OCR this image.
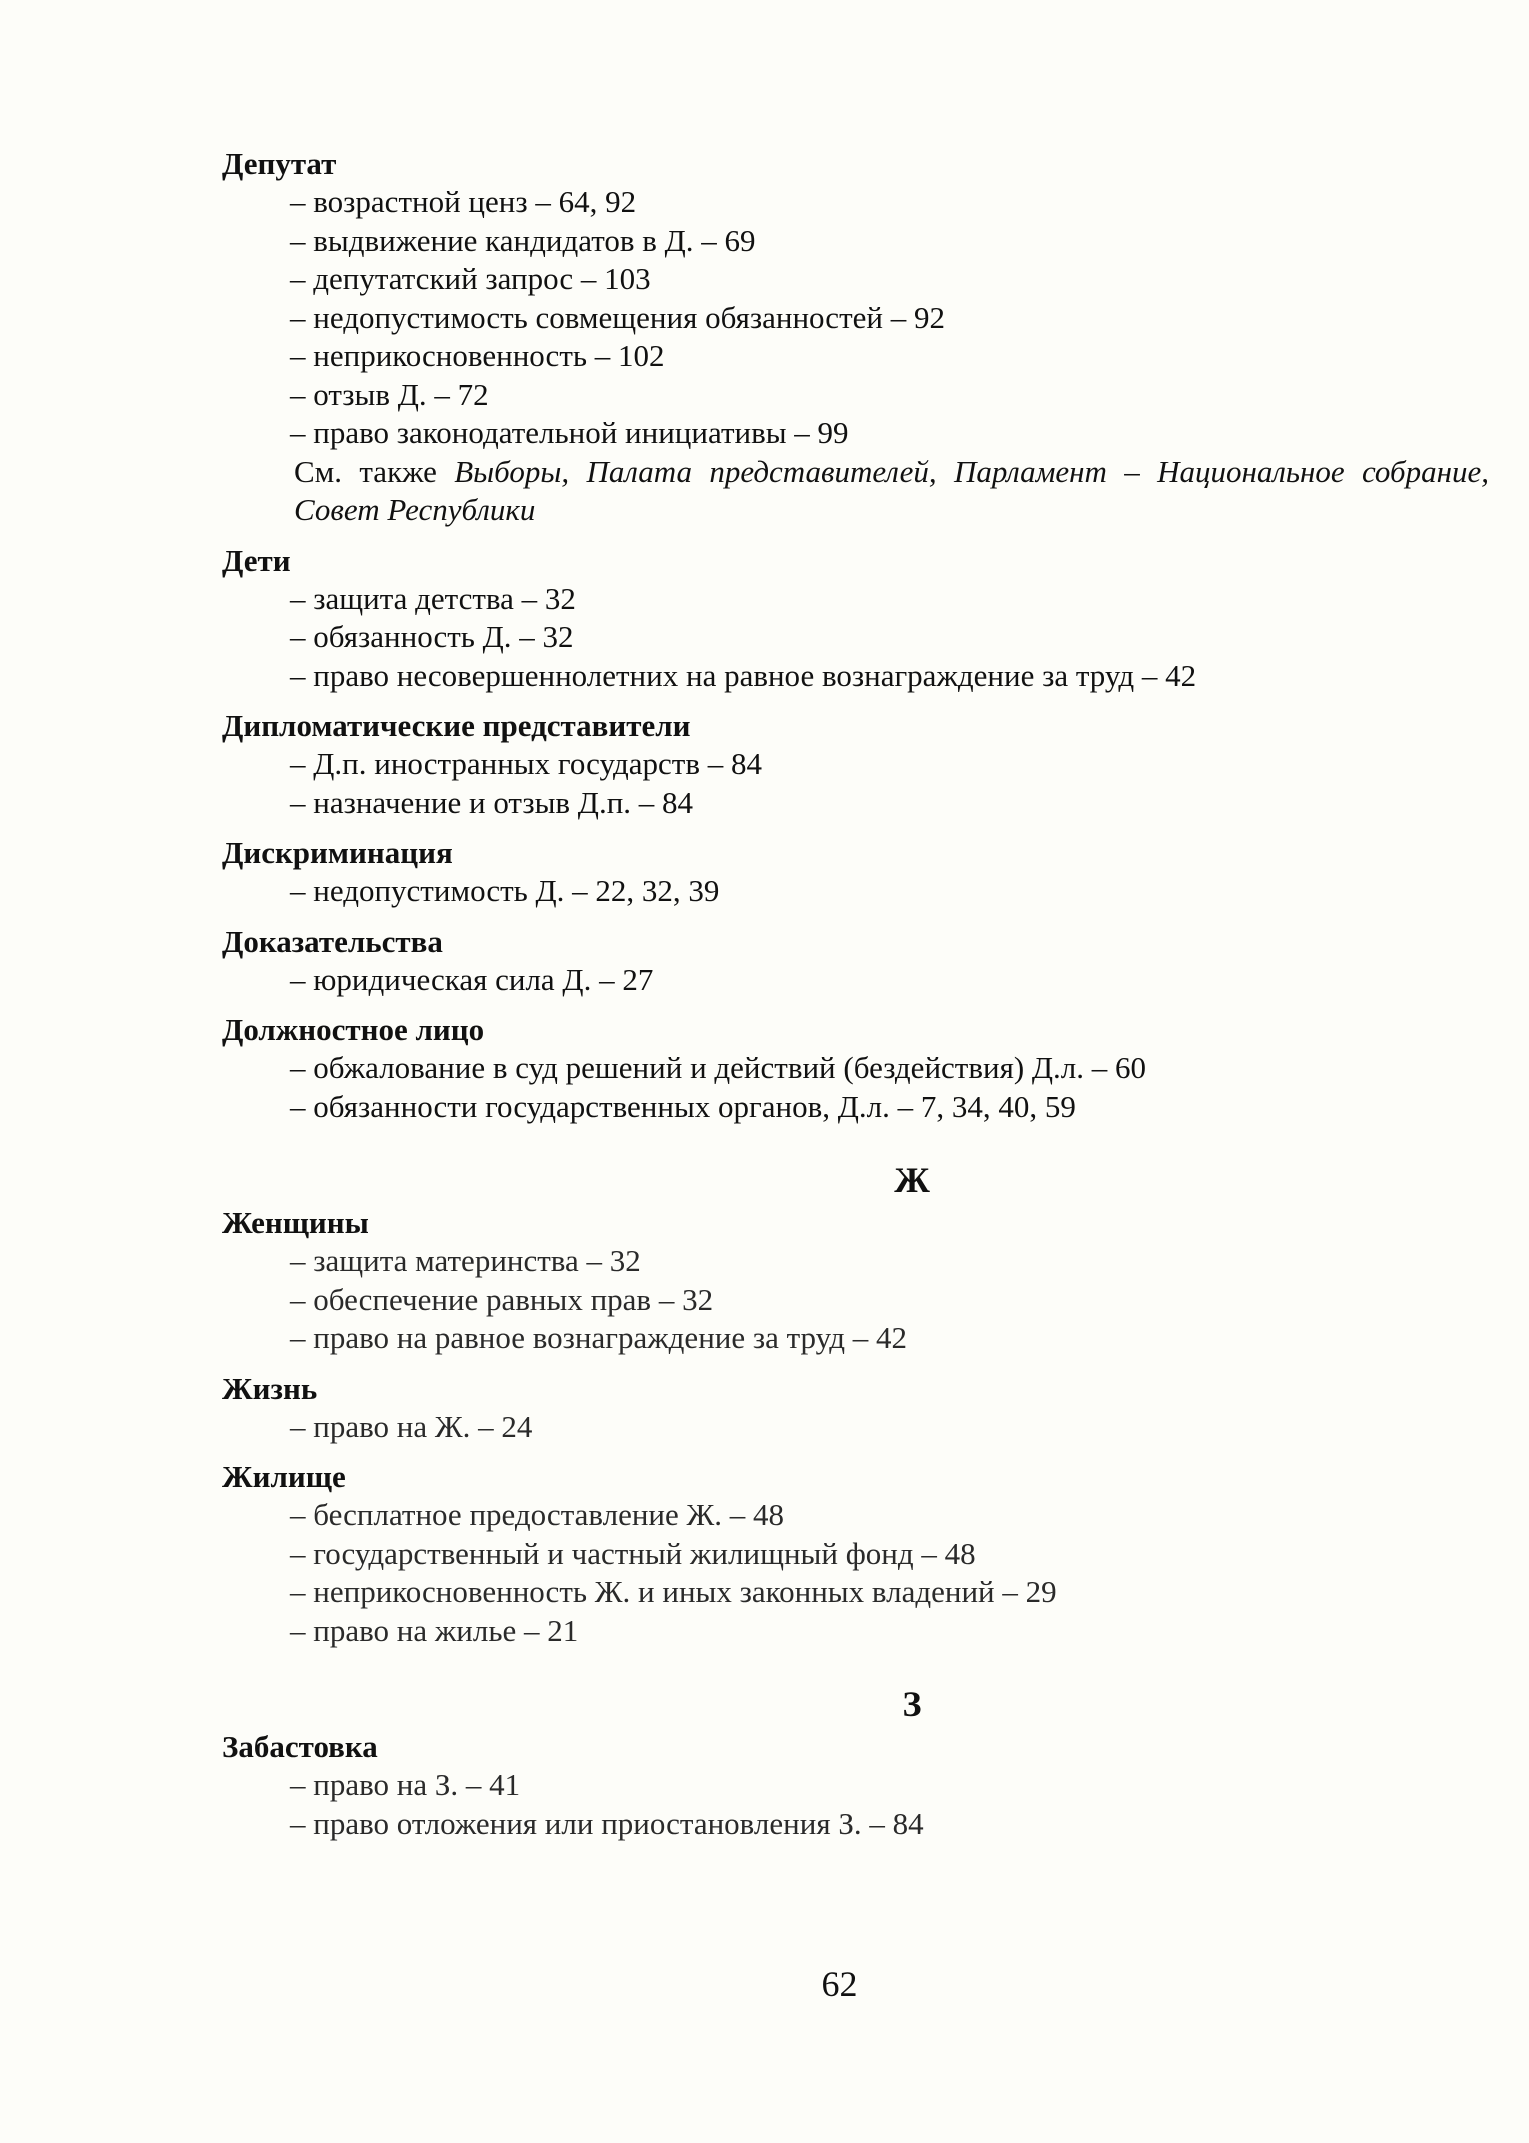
Депутат

– возрастной ценз – 64, 92

– выдвижение кандидатов в Д. – 69

– депутатский запрос – 103

– недопустимость совмещения обязанностей – 92

– неприкосновенность – 102

– отзыв Д. – 72

– право законодательной инициативы – 99

См. также Выборы, Палата представителей, Парламент – Национальное собрание, Совет Республики

Дети

– защита детства – 32

– обязанность Д. – 32

– право несовершеннолетних на равное вознаграждение за труд – 42

Дипломатические представители

– Д.п. иностранных государств – 84

– назначение и отзыв Д.п. – 84

Дискриминация

– недопустимость Д. – 22, 32, 39

Доказательства

– юридическая сила Д. – 27

Должностное лицо

– обжалование в суд решений и действий (бездействия) Д.л. – 60

– обязанности государственных органов, Д.л. – 7, 34, 40, 59

Ж

Женщины

– защита материнства – 32

– обеспечение равных прав – 32

– право на равное вознаграждение за труд – 42

Жизнь

– право на Ж. – 24

Жилище

– бесплатное предоставление Ж. – 48

– государственный и частный жилищный фонд – 48

– неприкосновенность Ж. и иных законных владений – 29

– право на жилье – 21

З

Забастовка

– право на З. – 41

– право отложения или приостановления З. – 84

62
